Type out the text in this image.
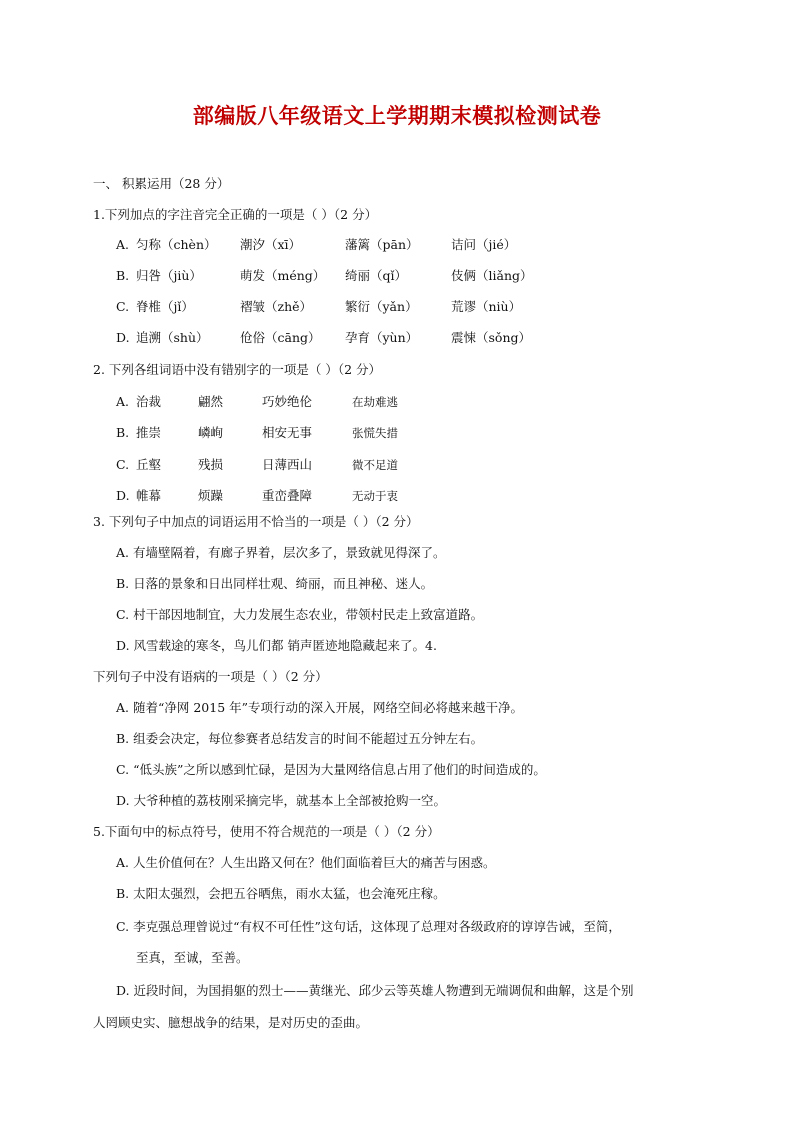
部编版八年级语文上学期期末模拟检测试卷
一、 积累运用（28 分）
1.下列加点的字注音完全正确的一项是（ ）（2 分）
A. 匀称（chèn） 潮汐（xī）	藩篱（pān）	诘问（jié）
B. 归咎（jiù）	萌发（méng） 绮丽（qǐ）	伎俩（liǎng）
C. 脊椎（jǐ）	褶皱（zhě）	繁衍（yǎn）	荒谬（niù）
D. 追溯（shù）	伧俗（cāng） 孕育（yùn）	震悚（sǒng）
2. 下列各组词语中没有错别字的一项是（ ）（2 分）
A. 治裁	翩然	巧妙绝伦	在劫难逃
B. 推崇	嶙峋	相安无事	张慌失措
C. 丘壑	残损	日薄西山	微不足道
D. 帷幕	烦躁	重峦叠障	无动于衷
3. 下列句子中加点的词语运用不恰当的一项是（ ）（2 分）
A. 有墙壁隔着，有廊子界着，层次多了，景致就见得深了。
B. 日落的景象和日出同样壮观、绮丽，而且神秘、迷人。
C. 村干部因地制宜，大力发展生态农业，带领村民走上致富道路。
D. 风雪载途的寒冬，鸟儿们都 销声匿迹地隐藏起来了。4.
下列句子中没有语病的一项是（ ）（2 分）
A. 随着“净网 2015 年”专项行动的深入开展，网络空间必将越来越干净。
B. 组委会决定，每位参赛者总结发言的时间不能超过五分钟左右。
C. “低头族”之所以感到忙碌，是因为大量网络信息占用了他们的时间造成的。
D. 大爷种植的荔枝刚采摘完毕，就基本上全部被抢购一空。
5.下面句中的标点符号，使用不符合规范的一项是（ ）（2 分）
A. 人生价值何在？人生出路又何在？他们面临着巨大的痛苦与困惑。
B. 太阳太强烈，会把五谷晒焦，雨水太猛，也会淹死庄稼。
C. 李克强总理曾说过“有权不可任性”这句话，这体现了总理对各级政府的谆谆告诫，至简，
至真，至诚，至善。
D. 近段时间，为国捐躯的烈士——黄继光、邱少云等英雄人物遭到无端调侃和曲解，这是个别
人罔顾史实、臆想战争的结果，是对历史的歪曲。
